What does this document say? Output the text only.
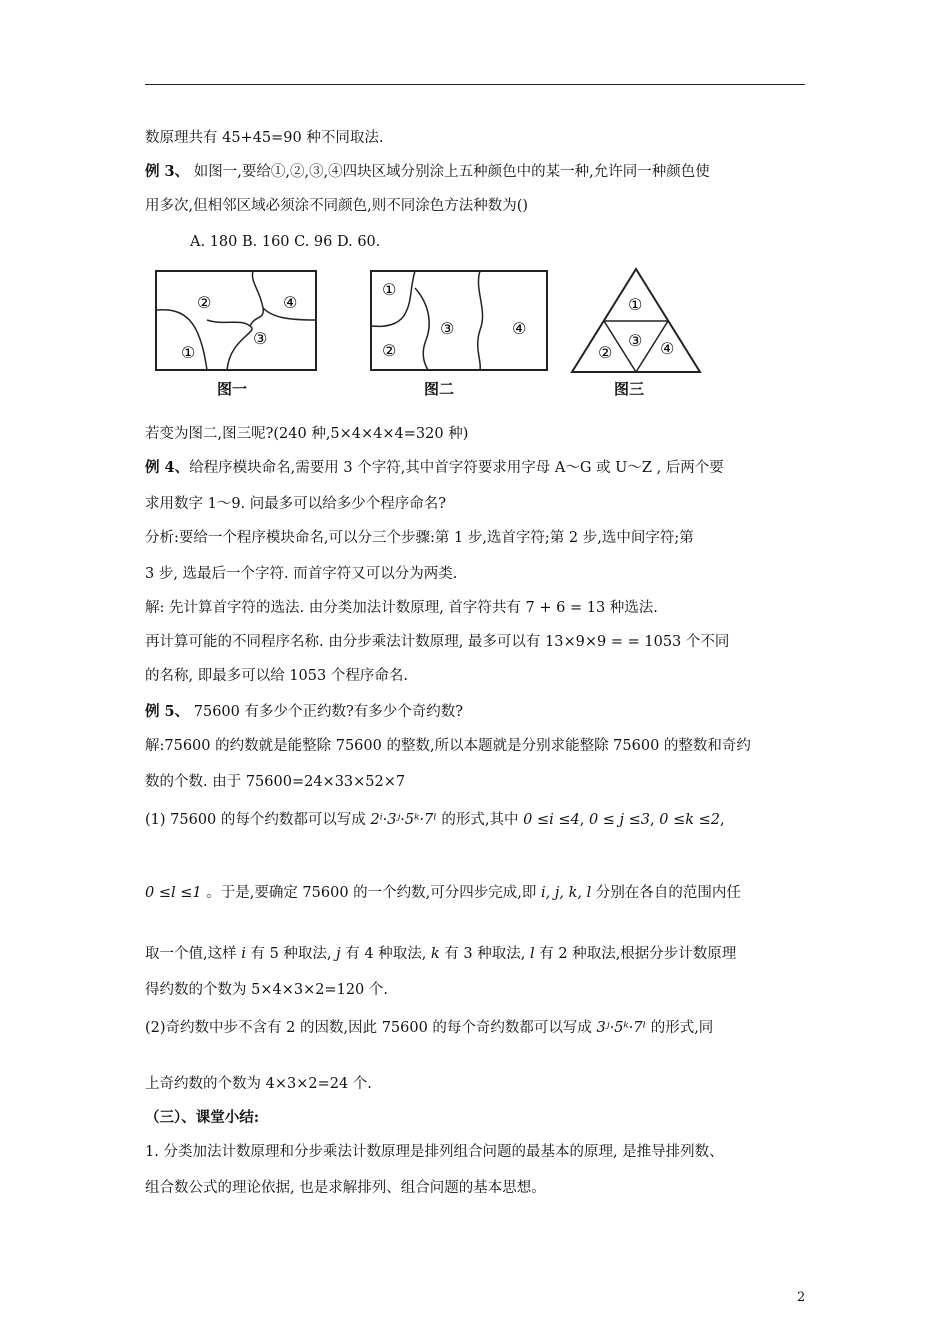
数原理共有 45+45=90 种不同取法.
例 3、 如图一,要给①,②,③,④四块区域分别涂上五种颜色中的某一种,允许同一种颜色使
用多次,但相邻区域必须涂不同颜色,则不同涂色方法种数为()
A. 180 B. 160 C. 96 D. 60.
②	④
③
①
图一
①
③	④
②
图二
①
③
②	④
图三
若变为图二,图三呢?(240 种,5×4×4×4=320 种)
例 4、给程序模块命名,需要用 3 个字符,其中首字符要求用字母 A～G 或 U～Z , 后两个要
求用数字 1～9. 问最多可以给多少个程序命名?
分析:要给一个程序模块命名,可以分三个步骤:第 1 步,选首字符;第 2 步,选中间字符;第
3 步, 选最后一个字符. 而首字符又可以分为两类.
解: 先计算首字符的选法. 由分类加法计数原理, 首字符共有 7 + 6 = 13 种选法.
再计算可能的不同程序名称. 由分步乘法计数原理, 最多可以有 13×9×9 = = 1053 个不同
的名称, 即最多可以给 1053 个程序命名.
例 5、 75600 有多少个正约数?有多少个奇约数?
解:75600 的约数就是能整除 75600 的整数,所以本题就是分别求能整除 75600 的整数和奇约
数的个数. 由于 75600=24×33×52×7
(1) 75600 的每个约数都可以写成 2ⁱ·3ʲ·5ᵏ·7ˡ 的形式,其中 0 ≤i ≤4, 0 ≤ j ≤3, 0 ≤k ≤2,
0 ≤l ≤1 。于是,要确定 75600 的一个约数,可分四步完成,即 i, j, k, l 分别在各自的范围内任
取一个值,这样 i 有 5 种取法, j 有 4 种取法, k 有 3 种取法, l 有 2 种取法,根据分步计数原理
得约数的个数为 5×4×3×2=120 个.
(2)奇约数中步不含有 2 的因数,因此 75600 的每个奇约数都可以写成 3ʲ·5ᵏ·7ˡ 的形式,同
上奇约数的个数为 4×3×2=24 个.
（三）、课堂小结:
1. 分类加法计数原理和分步乘法计数原理是排列组合问题的最基本的原理, 是推导排列数、
组合数公式的理论依据, 也是求解排列、组合问题的基本思想。
2
